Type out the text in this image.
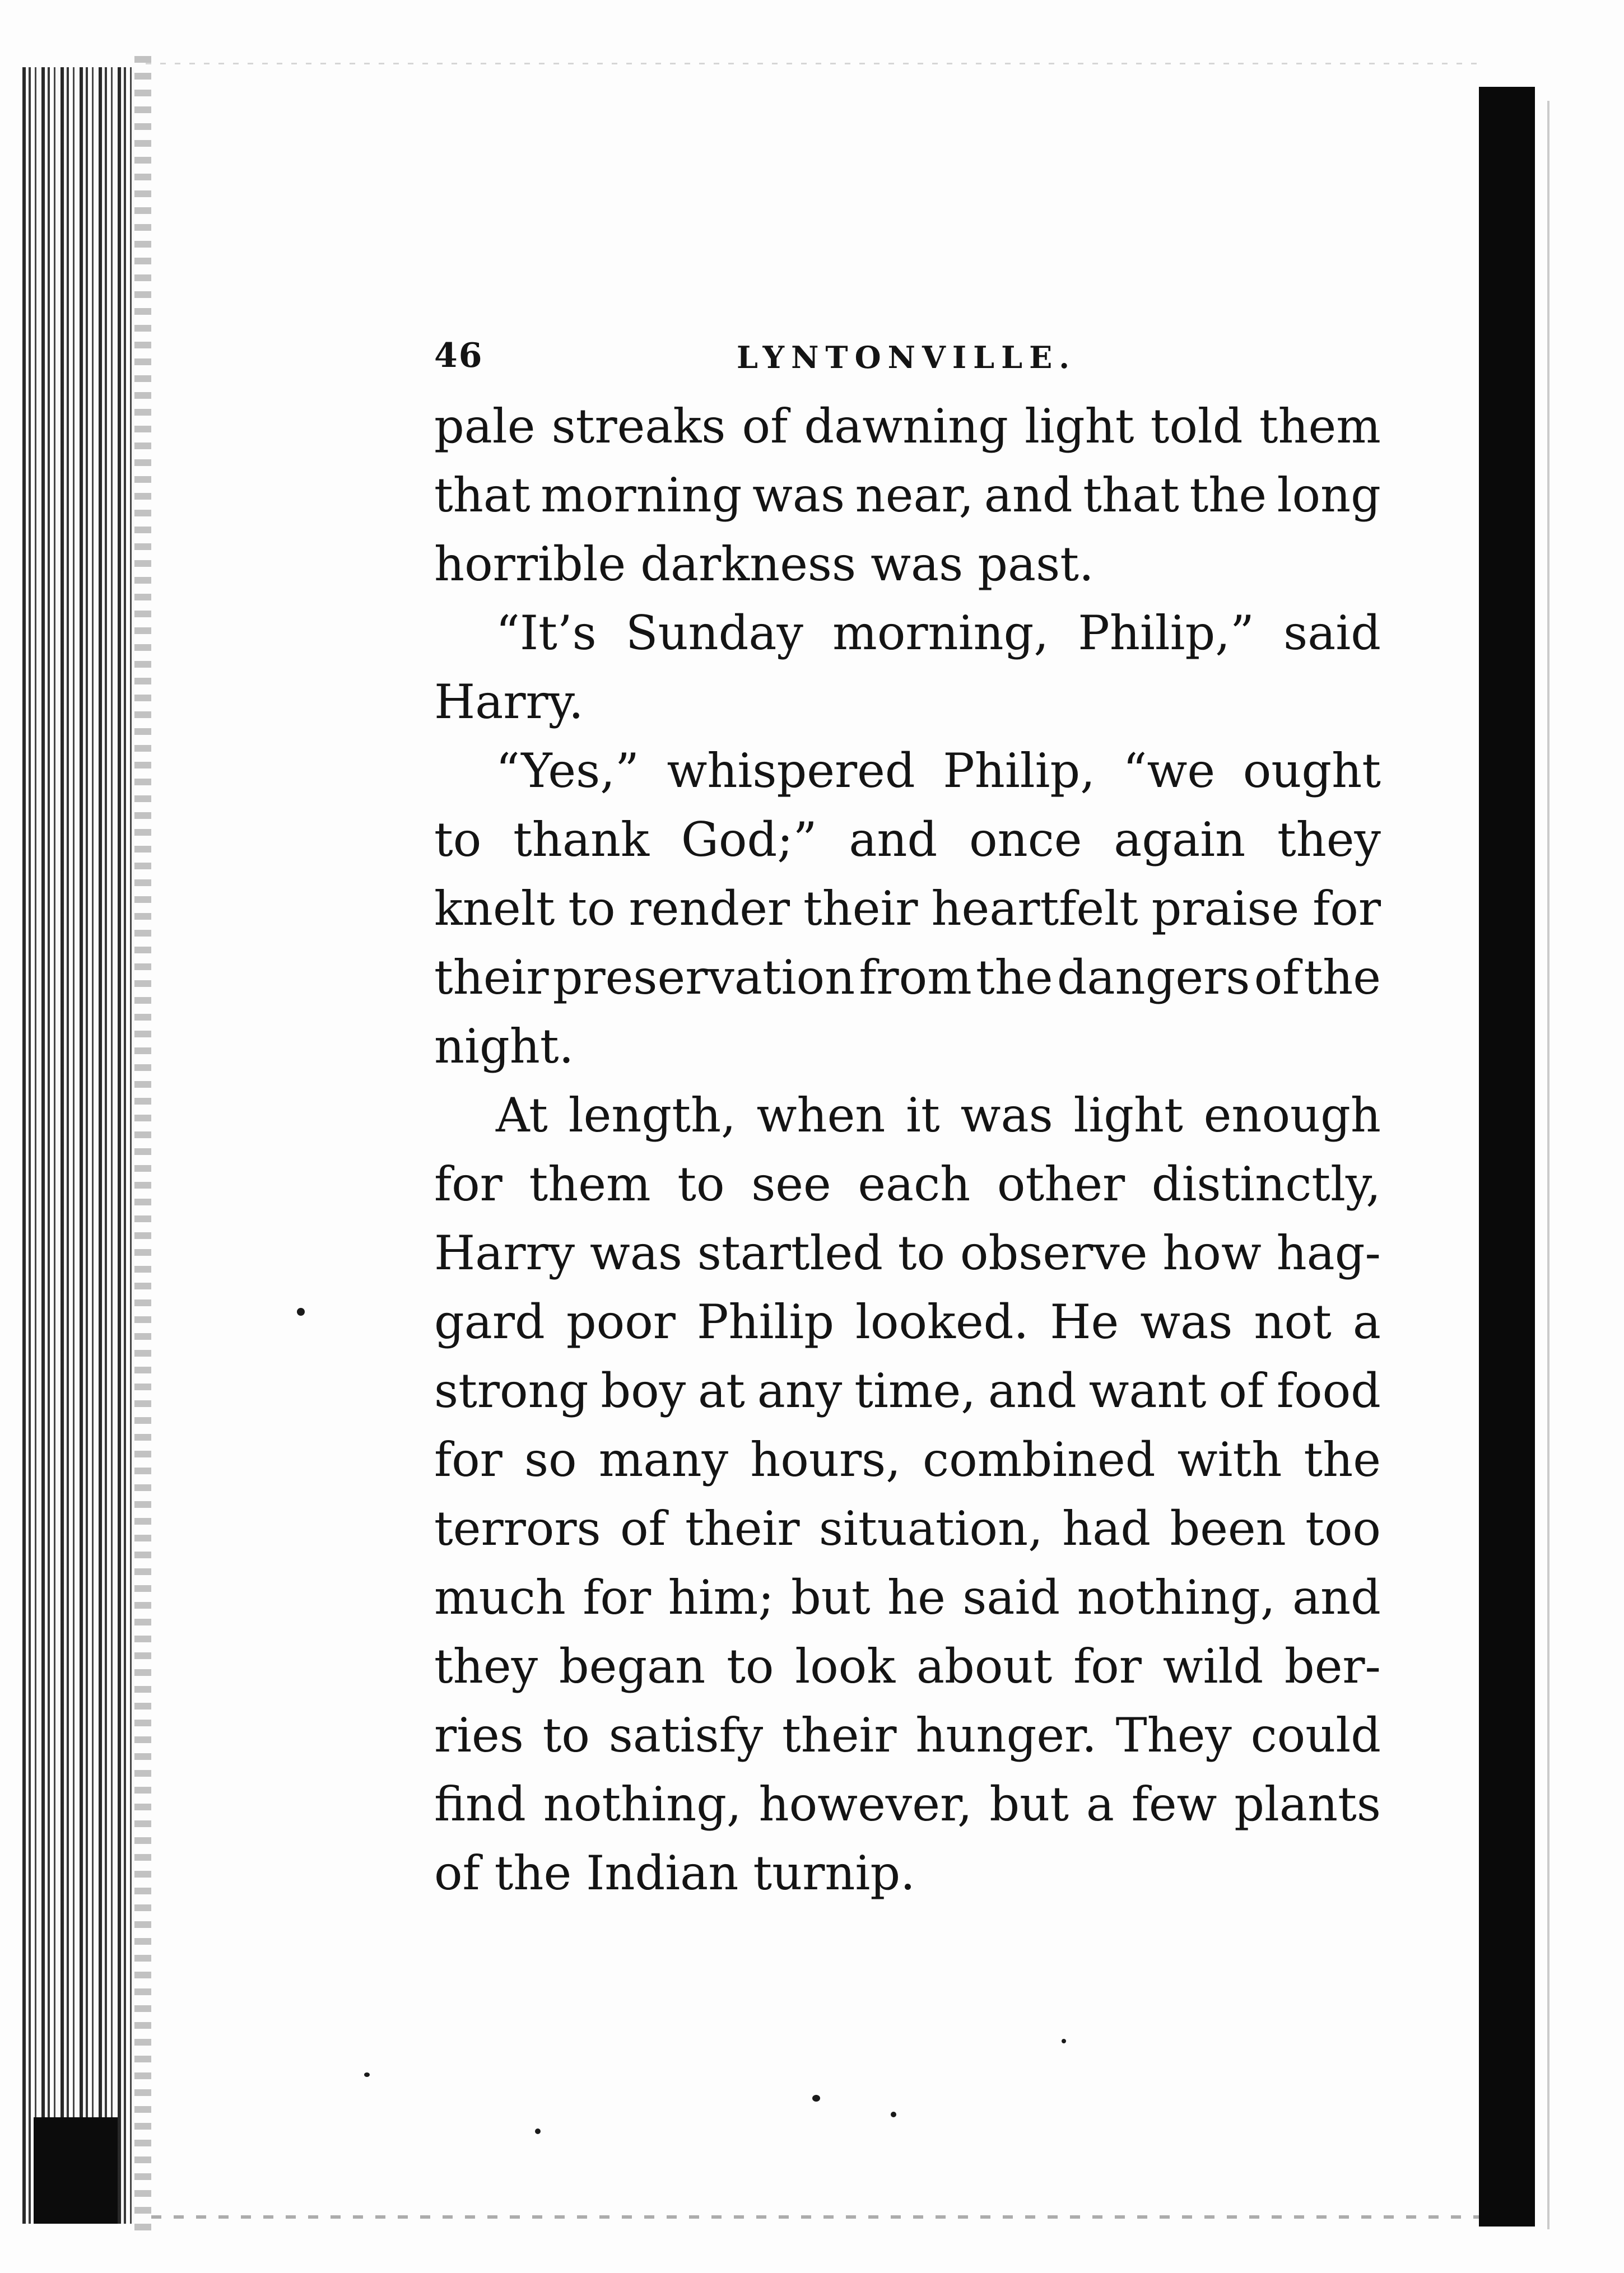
46	LYNTONVILLE.
pale streaks of dawning light told them
that morning was near, and that the long
horrible darkness was past.
“It’s Sunday morning, Philip,” said
Harry.
“Yes,” whispered Philip, “we ought
to thank God;” and once again they
knelt to render their heartfelt praise for
their preservation from the dangers of the
night.
At length, when it was light enough
for them to see each other distinctly,
Harry was startled to observe how hag-
gard poor Philip looked. He was not a
strong boy at any time, and want of food
for so many hours, combined with the
terrors of their situation, had been too
much for him; but he said nothing, and
they began to look about for wild ber-
ries to satisfy their hunger. They could
find nothing, however, but a few plants
of the Indian turnip.
